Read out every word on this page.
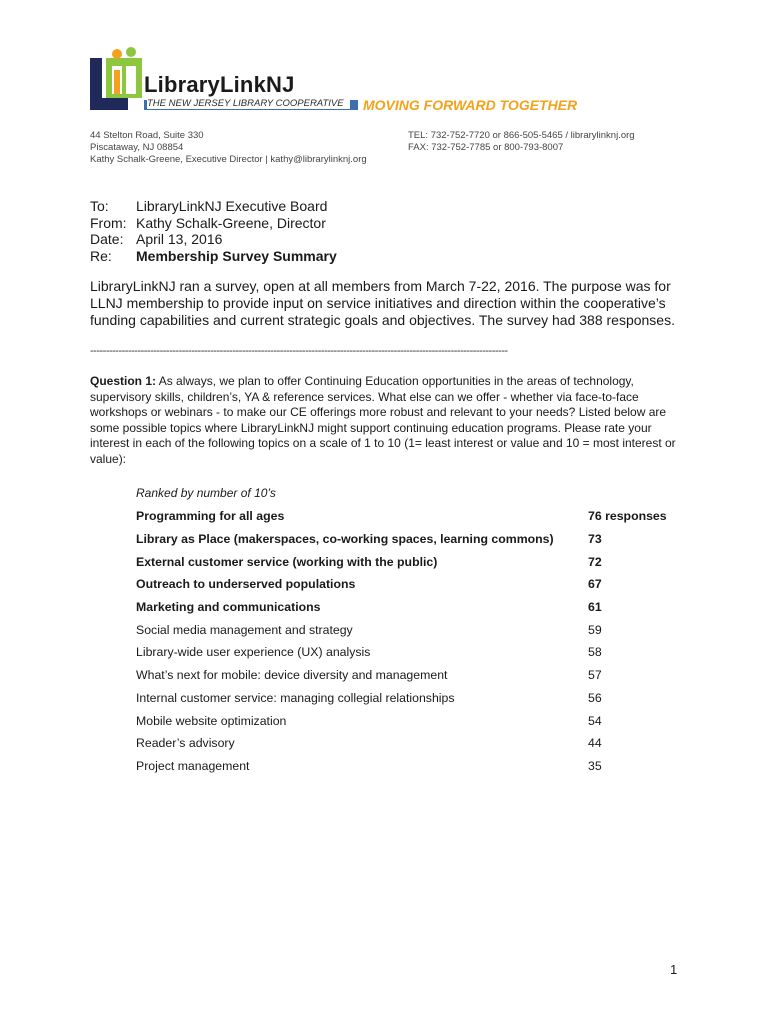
LibraryLinkNJ
THE NEW JERSEY LIBRARY COOPERATIVE	MOVING FORWARD TOGETHER
44 Stelton Road, Suite 330
Piscataway, NJ 08854
Kathy Schalk-Greene, Executive Director | kathy@librarylinknj.org
TEL: 732-752-7720 or 866-505-5465 / librarylinknj.org
FAX: 732-752-7785 or 800-793-8007
To:	LibraryLinkNJ Executive Board
From: Kathy Schalk-Greene, Director
Date: April 13, 2016
Re:	Membership Survey Summary
LibraryLinkNJ ran a survey, open at all members from March 7-22, 2016. The purpose was for LLNJ membership to provide input on service initiatives and direction within the cooperative’s funding capabilities and current strategic goals and objectives. The survey had 388 responses.
------------------------------------------------------------------------------------------------------------------------------------
Question 1: As always, we plan to offer Continuing Education opportunities in the areas of technology, supervisory skills, children’s, YA & reference services. What else can we offer - whether via face-to-face workshops or webinars - to make our CE offerings more robust and relevant to your needs? Listed below are some possible topics where LibraryLinkNJ might support continuing education programs. Please rate your interest in each of the following topics on a scale of 1 to 10 (1= least interest or value and 10 = most interest or value):
Ranked by number of 10’s
Programming for all ages	76 responses
Library as Place (makerspaces, co-working spaces, learning commons)	73
External customer service (working with the public)	72
Outreach to underserved populations	67
Marketing and communications	61
Social media management and strategy	59
Library-wide user experience (UX) analysis	58
What’s next for mobile: device diversity and management	57
Internal customer service: managing collegial relationships	56
Mobile website optimization	54
Reader’s advisory	44
Project management	35
1
